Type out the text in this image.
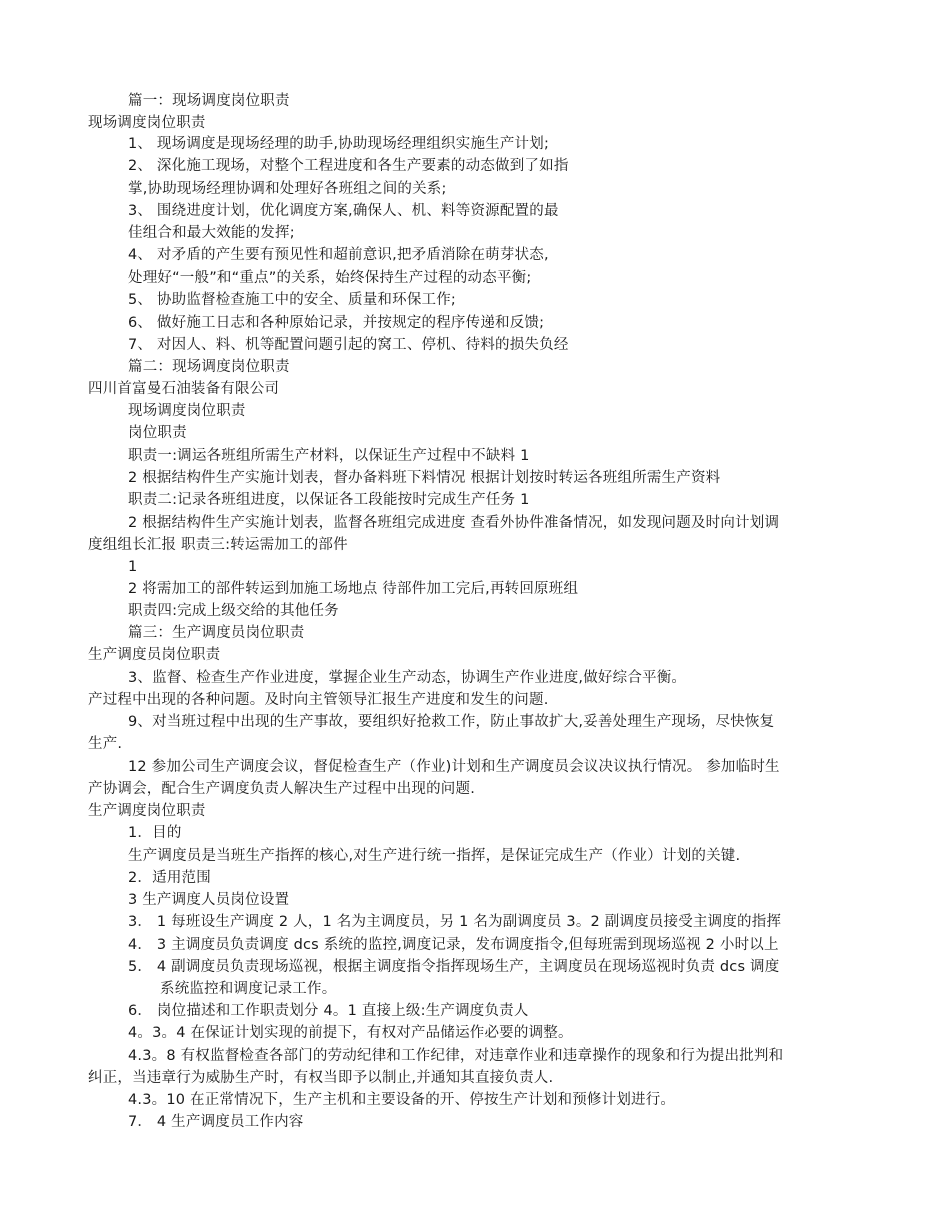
篇一：现场调度岗位职责

现场调度岗位职责

1、 现场调度是现场经理的助手,协助现场经理组织实施生产计划;

2、 深化施工现场，对整个工程进度和各生产要素的动态做到了如指

掌,协助现场经理协调和处理好各班组之间的关系;

3、 围绕进度计划，优化调度方案,确保人、机、料等资源配置的最

佳组合和最大效能的发挥;

4、 对矛盾的产生要有预见性和超前意识,把矛盾消除在萌芽状态,

处理好“一般”和“重点”的关系，始终保持生产过程的动态平衡;

5、 协助监督检查施工中的安全、质量和环保工作;

6、 做好施工日志和各种原始记录，并按规定的程序传递和反馈;

7、 对因人、料、机等配置问题引起的窝工、停机、待料的损失负经

篇二：现场调度岗位职责

四川首富曼石油装备有限公司

现场调度岗位职责

岗位职责

职责一:调运各班组所需生产材料，以保证生产过程中不缺料 1

2 根据结构件生产实施计划表，督办备料班下料情况 根据计划按时转运各班组所需生产资料

职责二:记录各班组进度，以保证各工段能按时完成生产任务 1

2 根据结构件生产实施计划表，监督各班组完成进度 查看外协件准备情况，如发现问题及时向计划调

度组组长汇报 职责三:转运需加工的部件

1

2 将需加工的部件转运到加施工场地点 待部件加工完后,再转回原班组

职责四:完成上级交给的其他任务

篇三：生产调度员岗位职责

生产调度员岗位职责

3、监督、检查生产作业进度，掌握企业生产动态，协调生产作业进度,做好综合平衡。

产过程中出现的各种问题。及时向主管领导汇报生产进度和发生的问题.

9、对当班过程中出现的生产事故，要组织好抢救工作，防止事故扩大,妥善处理生产现场，尽快恢复

生产.

12 参加公司生产调度会议，督促检查生产（作业)计划和生产调度员会议决议执行情况。 参加临时生

产协调会，配合生产调度负责人解决生产过程中出现的问题.

生产调度岗位职责

1．目的

生产调度员是当班生产指挥的核心,对生产进行统一指挥，是保证完成生产（作业）计划的关键.

2．适用范围

3 生产调度人员岗位设置

3． 1 每班设生产调度 2 人，1 名为主调度员，另 1 名为副调度员 3。2 副调度员接受主调度的指挥

4． 3 主调度员负责调度 dcs 系统的监控,调度记录，发布调度指令,但每班需到现场巡视 2 小时以上

5． 4 副调度员负责现场巡视，根据主调度指令指挥现场生产，主调度员在现场巡视时负责 dcs 调度

系统监控和调度记录工作。

6． 岗位描述和工作职责划分 4。1 直接上级:生产调度负责人

4。3。4 在保证计划实现的前提下，有权对产品储运作必要的调整。

4.3。8 有权监督检查各部门的劳动纪律和工作纪律，对违章作业和违章操作的现象和行为提出批判和

纠正，当违章行为威胁生产时，有权当即予以制止,并通知其直接负责人.

4.3。10 在正常情况下，生产主机和主要设备的开、停按生产计划和预修计划进行。

7． 4 生产调度员工作内容
